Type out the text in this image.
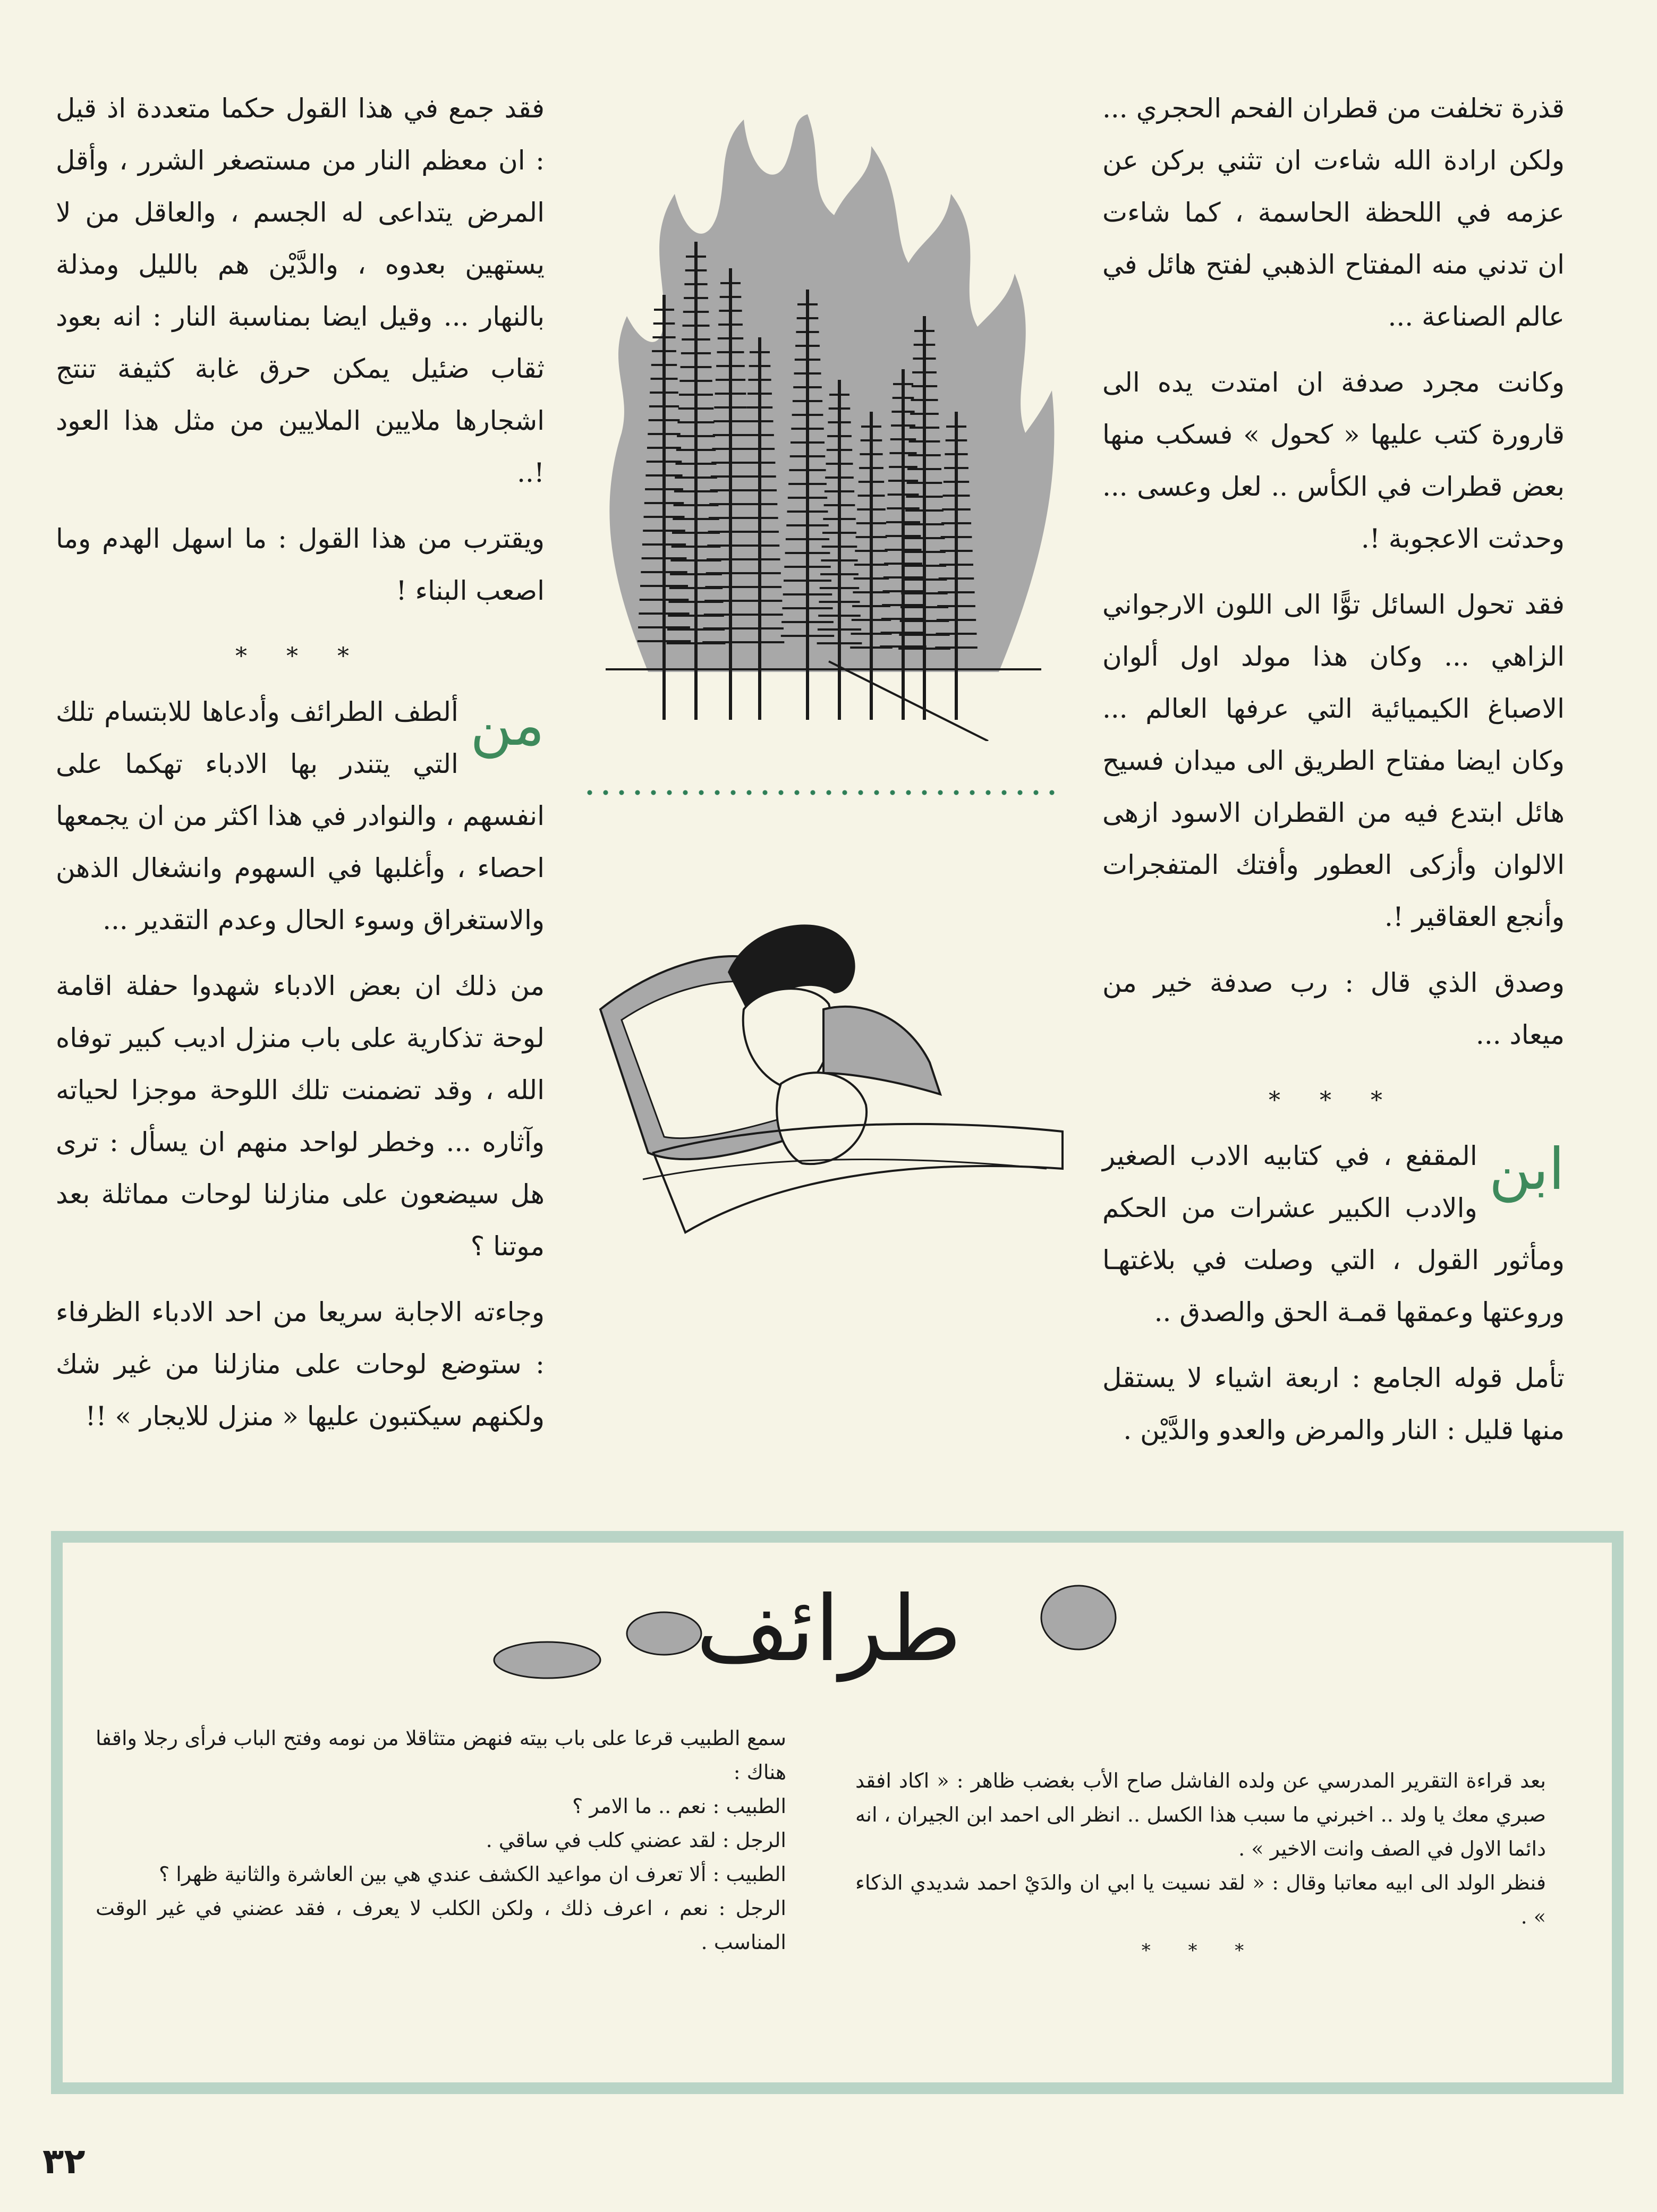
قذرة تخلفت من قطران الفحم الحجري ... ولكن ارادة الله شاءت ان تثني بركن عن عزمه في اللحظة الحاسمة ، كما شاءت ان تدني منه المفتاح الذهبي لفتح هائل في عالم الصناعة ...

وكانت مجرد صدفة ان امتدت يده الى قارورة كتب عليها « كحول » فسكب منها بعض قطرات في الكأس .. لعل وعسى ... وحدثت الاعجوبة !.

فقد تحول السائل توًّا الى اللون الارجواني الزاهي ... وكان هذا مولد اول ألوان الاصباغ الكيميائية التي عرفها العالم ... وكان ايضا مفتاح الطريق الى ميدان فسيح هائل ابتدع فيه من القطران الاسود ازهى الالوان وأزكى العطور وأفتك المتفجرات وأنجع العقاقير !.

وصدق الذي قال : رب صدفة خير من ميعاد ...

* * *

ابن
المقفع ، في كتابيه الادب الصغير والادب الكبير عشرات من الحكم ومأثور القول ، التي وصلت في بلاغتهـا وروعتها وعمقها قمـة الحق والصدق ..

تأمل قوله الجامع : اربعة اشياء لا يستقل منها قليل : النار والمرض والعدو والدَّيْن .

فقد جمع في هذا القول حكما متعددة اذ قيل : ان معظم النار من مستصغر الشرر ، وأقل المرض يتداعى له الجسم ، والعاقل من لا يستهين بعدوه ، والدَّيْن هم بالليل ومذلة بالنهار ... وقيل ايضا بمناسبة النار : انه بعود ثقاب ضئيل يمكن حرق غابة كثيفة تنتج اشجارها ملايين الملايين من مثل هذا العود !..

ويقترب من هذا القول : ما اسهل الهدم وما اصعب البناء !

* * *

من
ألطف الطرائف وأدعاها للابتسام تلك التي يتندر بها الادباء تهكما على انفسهم ، والنوادر في هذا اكثر من ان يجمعها احصاء ، وأغلبها في السهوم وانشغال الذهن والاستغراق وسوء الحال وعدم التقدير ...

من ذلك ان بعض الادباء شهدوا حفلة اقامة لوحة تذكارية على باب منزل اديب كبير توفاه الله ، وقد تضمنت تلك اللوحة موجزا لحياته وآثاره ... وخطر لواحد منهم ان يسأل : ترى هل سيضعون على منازلنا لوحات مماثلة بعد موتنا ؟

وجاءته الاجابة سريعا من احد الادباء الظرفاء : ستوضع لوحات على منازلنا من غير شك ولكنهم سيكتبون عليها « منزل للايجار » !!

طرائف

بعد قراءة التقرير المدرسي عن ولده الفاشل صاح الأب بغضب ظاهر : « اكاد افقد صبري معك يا ولد .. اخبرني ما سبب هذا الكسل .. انظر الى احمد ابن الجيران ، انه دائما الاول في الصف وانت الاخير » .

فنظر الولد الى ابيه معاتبا وقال : « لقد نسيت يا ابي ان والدَيْ احمد شديدي الذكاء » .

* * *

سمع الطبيب قرعا على باب بيته فنهض متثاقلا من نومه وفتح الباب فرأى رجلا واقفا هناك :

الطبيب : نعم .. ما الامر ؟

الرجل : لقد عضني كلب في ساقي .

الطبيب : ألا تعرف ان مواعيد الكشف عندي هي بين العاشرة والثانية ظهرا ؟

الرجل : نعم ، اعرف ذلك ، ولكن الكلب لا يعرف ، فقد عضني في غير الوقت المناسب .

٣٢
